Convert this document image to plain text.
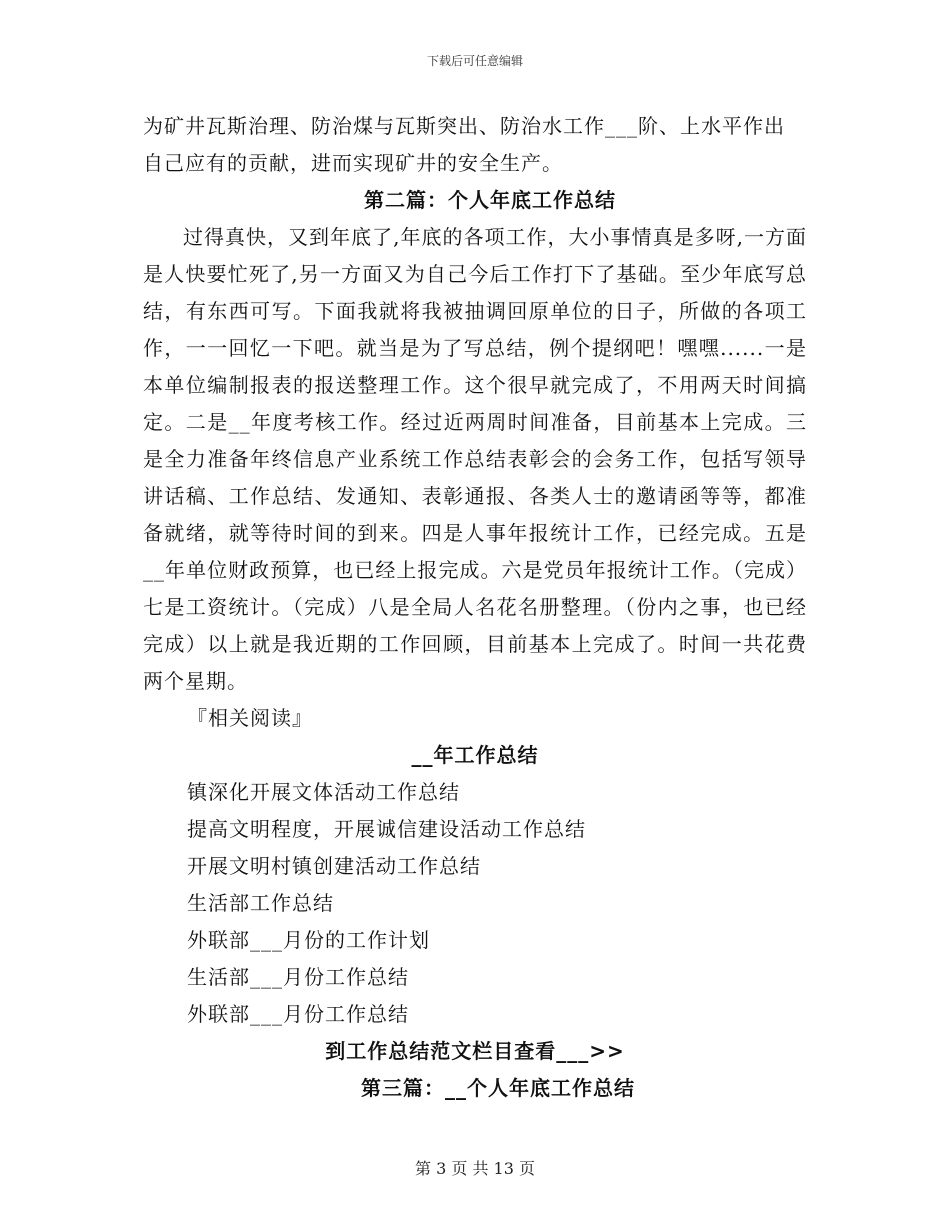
下载后可任意编辑

为矿井瓦斯治理、防治煤与瓦斯突出、防治水工作___阶、上水平作出

自己应有的贡献，进而实现矿井的安全生产。

第二篇：个人年底工作总结

过得真快，又到年底了,年底的各项工作，大小事情真是多呀,一方面是人快要忙死了,另一方面又为自己今后工作打下了基础。至少年底写总结，有东西可写。下面我就将我被抽调回原单位的日子，所做的各项工作，一一回忆一下吧。就当是为了写总结，例个提纲吧！嘿嘿......一是本单位编制报表的报送整理工作。这个很早就完成了，不用两天时间搞定。二是__年度考核工作。经过近两周时间准备，目前基本上完成。三是全力准备年终信息产业系统工作总结表彰会的会务工作，包括写领导讲话稿、工作总结、发通知、表彰通报、各类人士的邀请函等等，都准备就绪，就等待时间的到来。四是人事年报统计工作，已经完成。五是__年单位财政预算，也已经上报完成。六是党员年报统计工作。（完成）七是工资统计。（完成）八是全局人名花名册整理。（份内之事，也已经完成）以上就是我近期的工作回顾，目前基本上完成了。时间一共花费两个星期。

『相关阅读』

__年工作总结
镇深化开展文体活动工作总结
提高文明程度，开展诚信建设活动工作总结
开展文明村镇创建活动工作总结
生活部工作总结
外联部___月份的工作计划
生活部___月份工作总结
外联部___月份工作总结
到工作总结范文栏目查看___>>
第三篇：__个人年底工作总结
第 3 页 共 13 页
